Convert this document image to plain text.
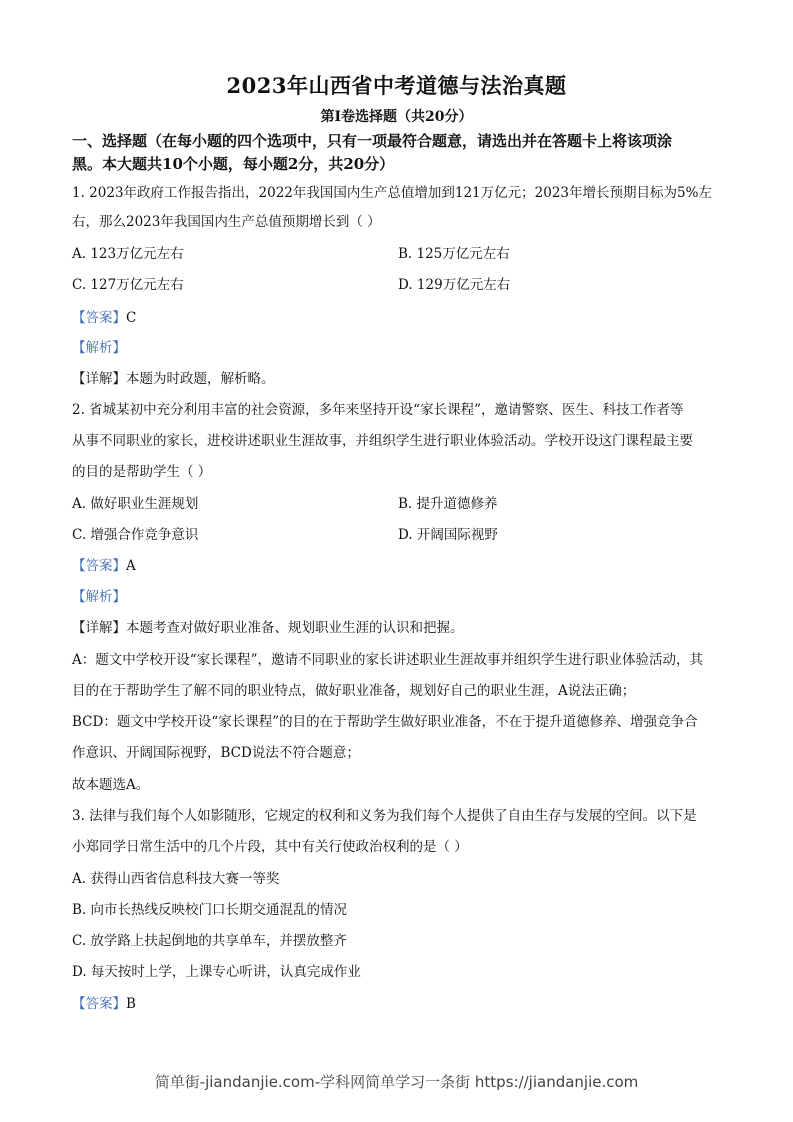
2023年山西省中考道德与法治真题
第Ⅰ卷选择题（共20分）
一、选择题（在每小题的四个选项中，只有一项最符合题意，请选出并在答题卡上将该项涂
黑。本大题共10个小题，每小题2分，共20分）
1. 2023年政府工作报告指出，2022年我国国内生产总值增加到121万亿元；2023年增长预期目标为5%左
右，那么2023年我国国内生产总值预期增长到（ ）
A. 123万亿元左右	B. 125万亿元左右
C. 127万亿元左右	D. 129万亿元左右
【答案】C
【解析】
【详解】本题为时政题，解析略。
2. 省城某初中充分利用丰富的社会资源，多年来坚持开设“家长课程”，邀请警察、医生、科技工作者等
从事不同职业的家长，进校讲述职业生涯故事，并组织学生进行职业体验活动。学校开设这门课程最主要
的目的是帮助学生（ ）
A. 做好职业生涯规划	B. 提升道德修养
C. 增强合作竞争意识	D. 开阔国际视野
【答案】A
【解析】
【详解】本题考查对做好职业准备、规划职业生涯的认识和把握。
A：题文中学校开设“家长课程”，邀请不同职业的家长讲述职业生涯故事并组织学生进行职业体验活动，其
目的在于帮助学生了解不同的职业特点，做好职业准备，规划好自己的职业生涯，A说法正确；
BCD：题文中学校开设“家长课程”的目的在于帮助学生做好职业准备，不在于提升道德修养、增强竞争合
作意识、开阔国际视野，BCD说法不符合题意；
故本题选A。
3. 法律与我们每个人如影随形，它规定的权利和义务为我们每个人提供了自由生存与发展的空间。以下是
小郑同学日常生活中的几个片段，其中有关行使政治权利的是（ ）
A. 获得山西省信息科技大赛一等奖
B. 向市长热线反映校门口长期交通混乱的情况
C. 放学路上扶起倒地的共享单车，并摆放整齐
D. 每天按时上学，上课专心听讲，认真完成作业
【答案】B
简单街-jiandanjie.com-学科网简单学习一条街 https://jiandanjie.com
